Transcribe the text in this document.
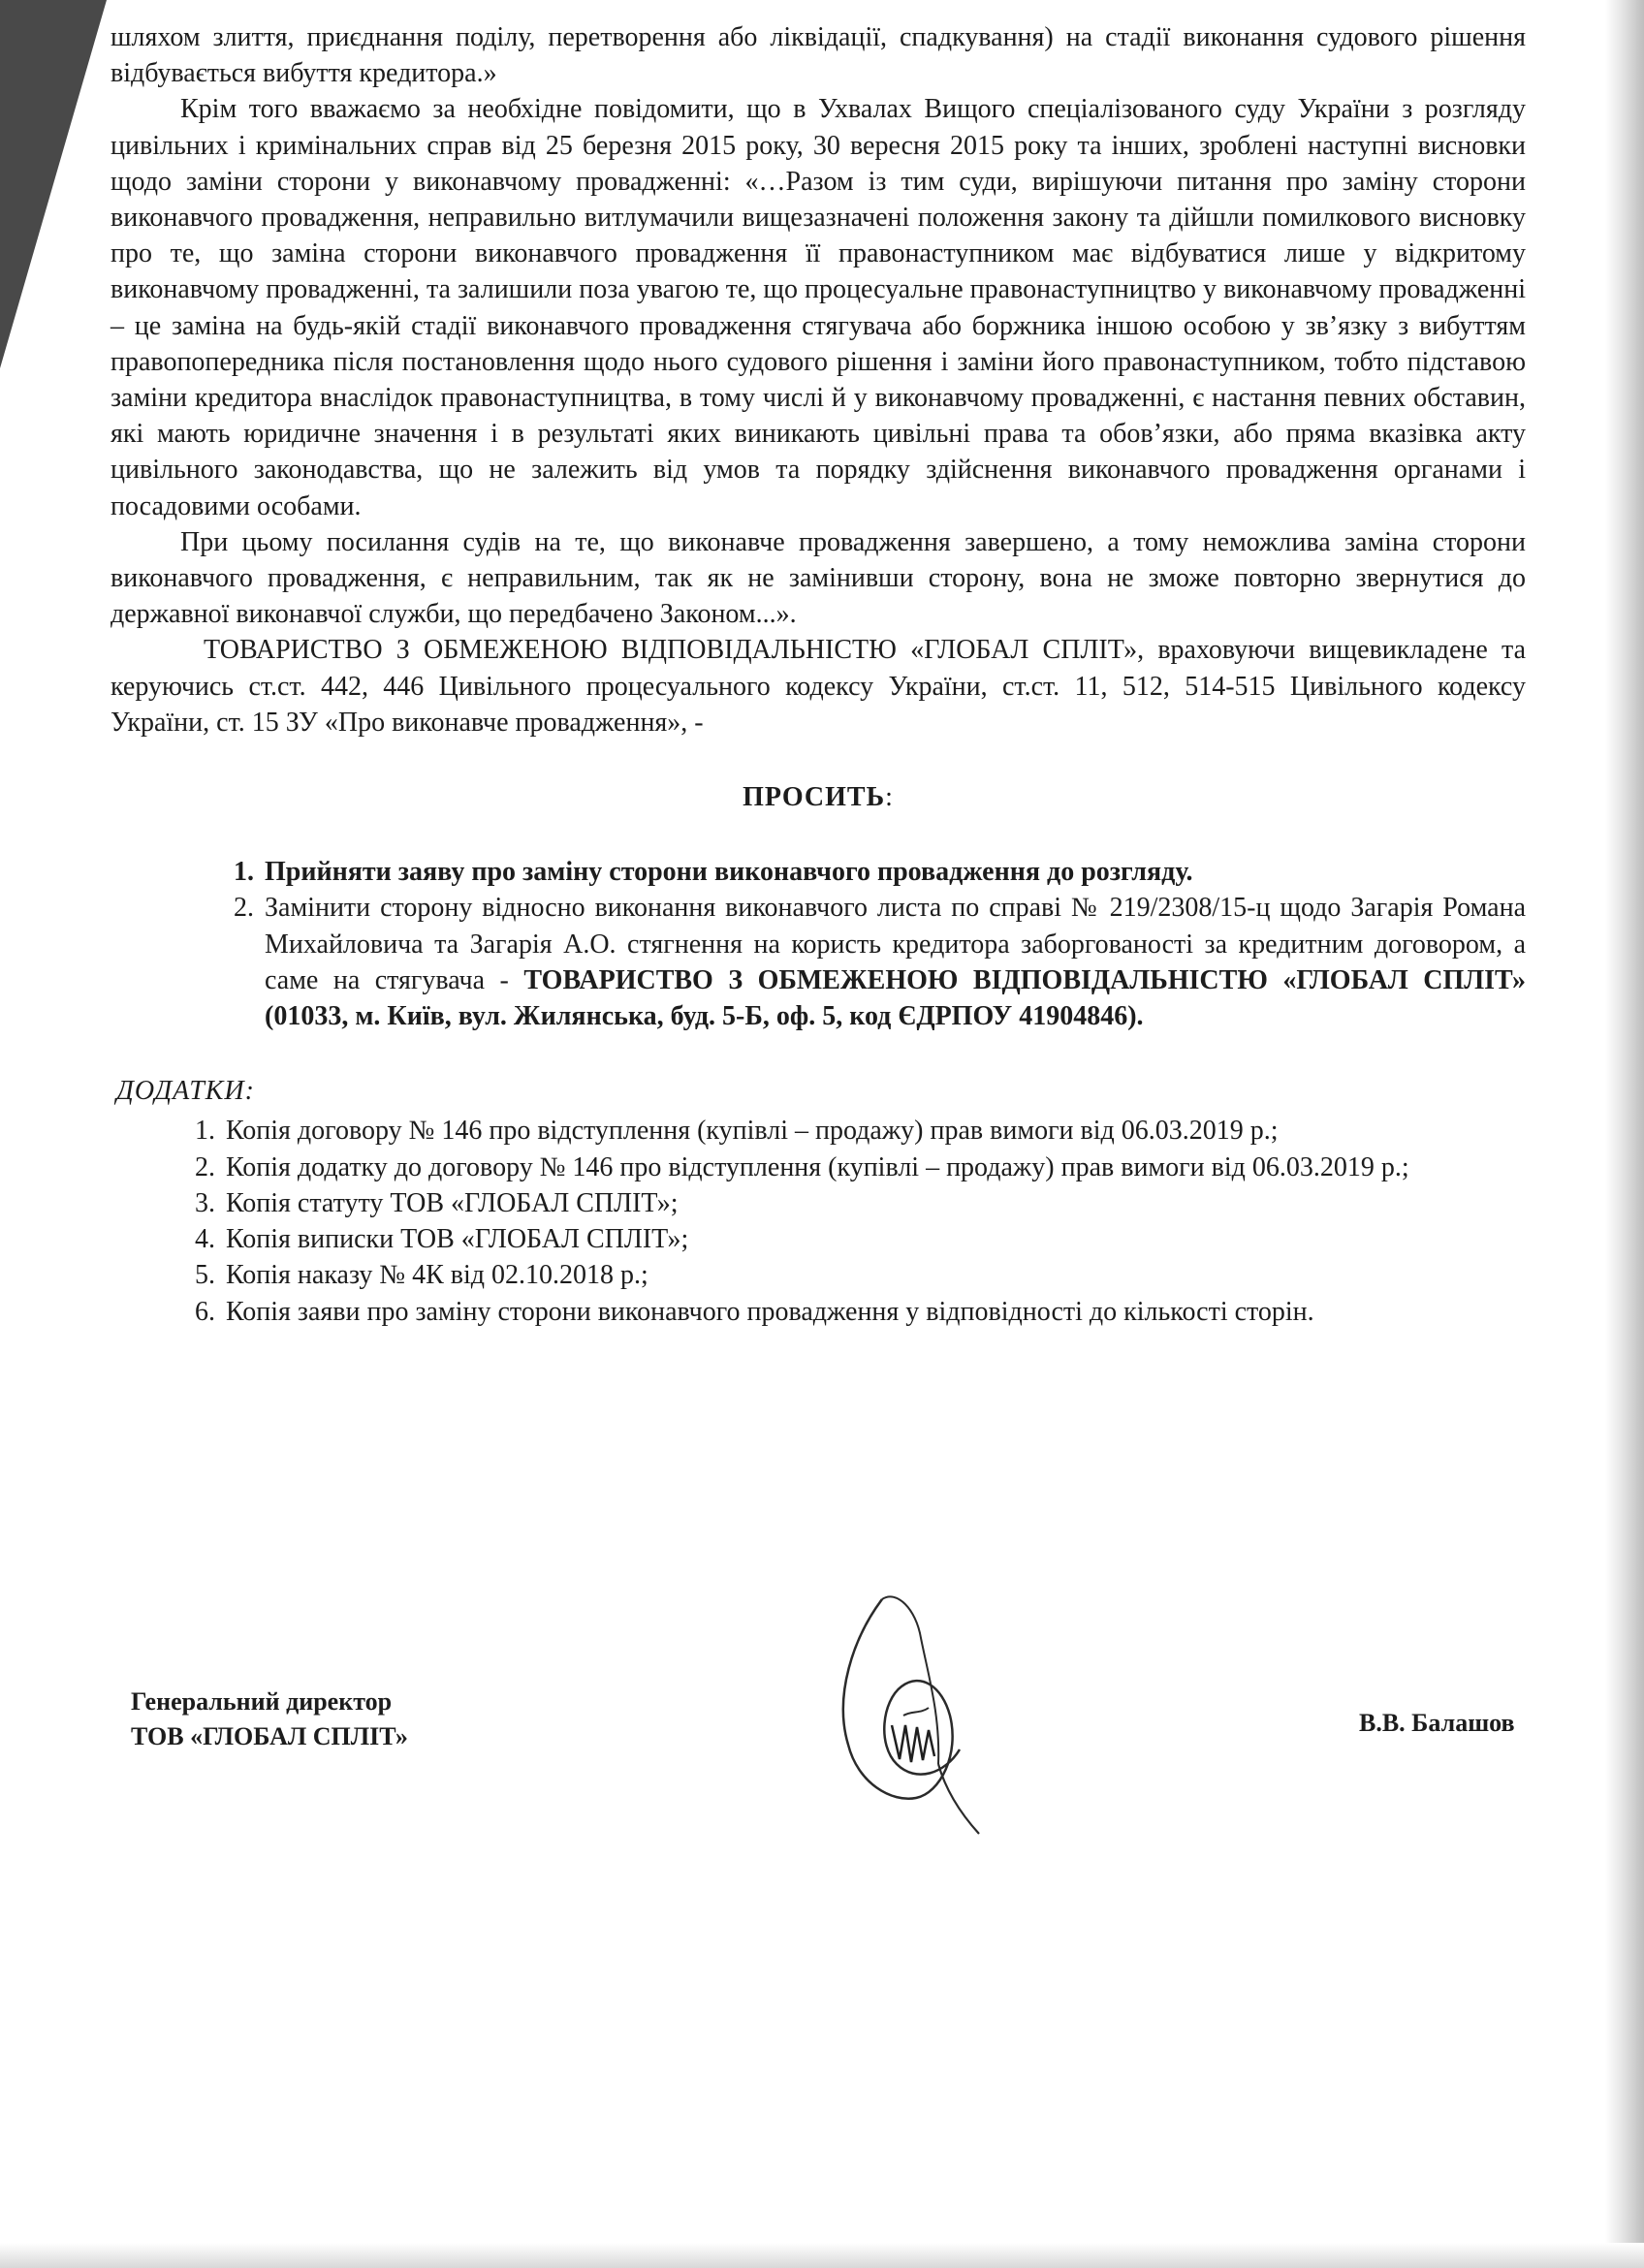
шляхом злиття, приєднання поділу, перетворення або ліквідації, спадкування) на стадії виконання судового рішення відбувається вибуття кредитора.»

Крім того вважаємо за необхідне повідомити, що в Ухвалах Вищого спеціалізованого суду України з розгляду цивільних і кримінальних справ від 25 березня 2015 року, 30 вересня 2015 року та інших, зроблені наступні висновки щодо заміни сторони у виконавчому провадженні: «…Разом із тим суди, вирішуючи питання про заміну сторони виконавчого провадження, неправильно витлумачили вищезазначені положення закону та дійшли помилкового висновку про те, що заміна сторони виконавчого провадження її правонаступником має відбуватися лише у відкритому виконавчому провадженні, та залишили поза увагою те, що процесуальне правонаступництво у виконавчому провадженні – це заміна на будь-якій стадії виконавчого провадження стягувача або боржника іншою особою у зв’язку з вибуттям правопопередника після постановлення щодо нього судового рішення і заміни його правонаступником, тобто підставою заміни кредитора внаслідок правонаступництва, в тому числі й у виконавчому провадженні, є настання певних обставин, які мають юридичне значення і в результаті яких виникають цивільні права та обов’язки, або пряма вказівка акту цивільного законодавства, що не залежить від умов та порядку здійснення виконавчого провадження органами і посадовими особами.

При цьому посилання судів на те, що виконавче провадження завершено, а тому неможлива заміна сторони виконавчого провадження, є неправильним, так як не замінивши сторону, вона не зможе повторно звернутися до державної виконавчої служби, що передбачено Законом...».

ТОВАРИСТВО З ОБМЕЖЕНОЮ ВІДПОВІДАЛЬНІСТЮ «ГЛОБАЛ СПЛІТ», враховуючи вищевикладене та керуючись ст.ст. 442, 446 Цивільного процесуального кодексу України, ст.ст. 11, 512, 514-515 Цивільного кодексу України, ст. 15 ЗУ «Про виконавче провадження», -

ПРОСИТЬ:

1. Прийняти заяву про заміну сторони виконавчого провадження до розгляду.
2. Замінити сторону відносно виконання виконавчого листа по справі № 219/2308/15-ц щодо Загарія Романа Михайловича та Загарія А.О. стягнення на користь кредитора заборгованості за кредитним договором, а саме на стягувача - ТОВАРИСТВО З ОБМЕЖЕНОЮ ВІДПОВІДАЛЬНІСТЮ «ГЛОБАЛ СПЛІТ» (01033, м. Київ, вул. Жилянська, буд. 5-Б, оф. 5, код ЄДРПОУ 41904846).

ДОДАТКИ:

1. Копія договору № 146 про відступлення (купівлі – продажу) прав вимоги від 06.03.2019 р.;
2. Копія додатку до договору № 146 про відступлення (купівлі – продажу) прав вимоги від 06.03.2019 р.;
3. Копія статуту ТОВ «ГЛОБАЛ СПЛІТ»;
4. Копія виписки ТОВ «ГЛОБАЛ СПЛІТ»;
5. Копія наказу № 4К від 02.10.2018 р.;
6. Копія заяви про заміну сторони виконавчого провадження у відповідності до кількості сторін.
Генеральний директор
ТОВ «ГЛОБАЛ СПЛІТ»	В.В. Балашов
